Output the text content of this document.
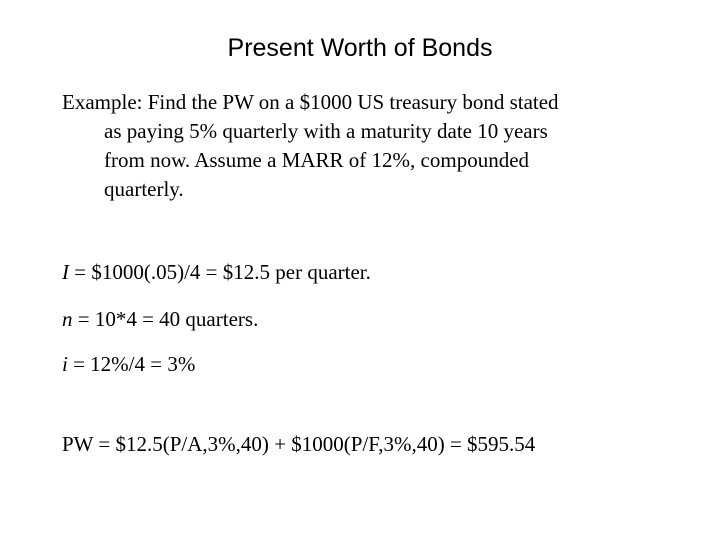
Present Worth of Bonds
Example: Find the PW on a $1000 US treasury bond stated
as paying 5% quarterly with a maturity date 10 years
from now. Assume a MARR of 12%, compounded
quarterly.
I = $1000(.05)/4 = $12.5 per quarter.
n = 10*4 = 40 quarters.
i = 12%/4 = 3%
PW = $12.5(P/A,3%,40) + $1000(P/F,3%,40) = $595.54
